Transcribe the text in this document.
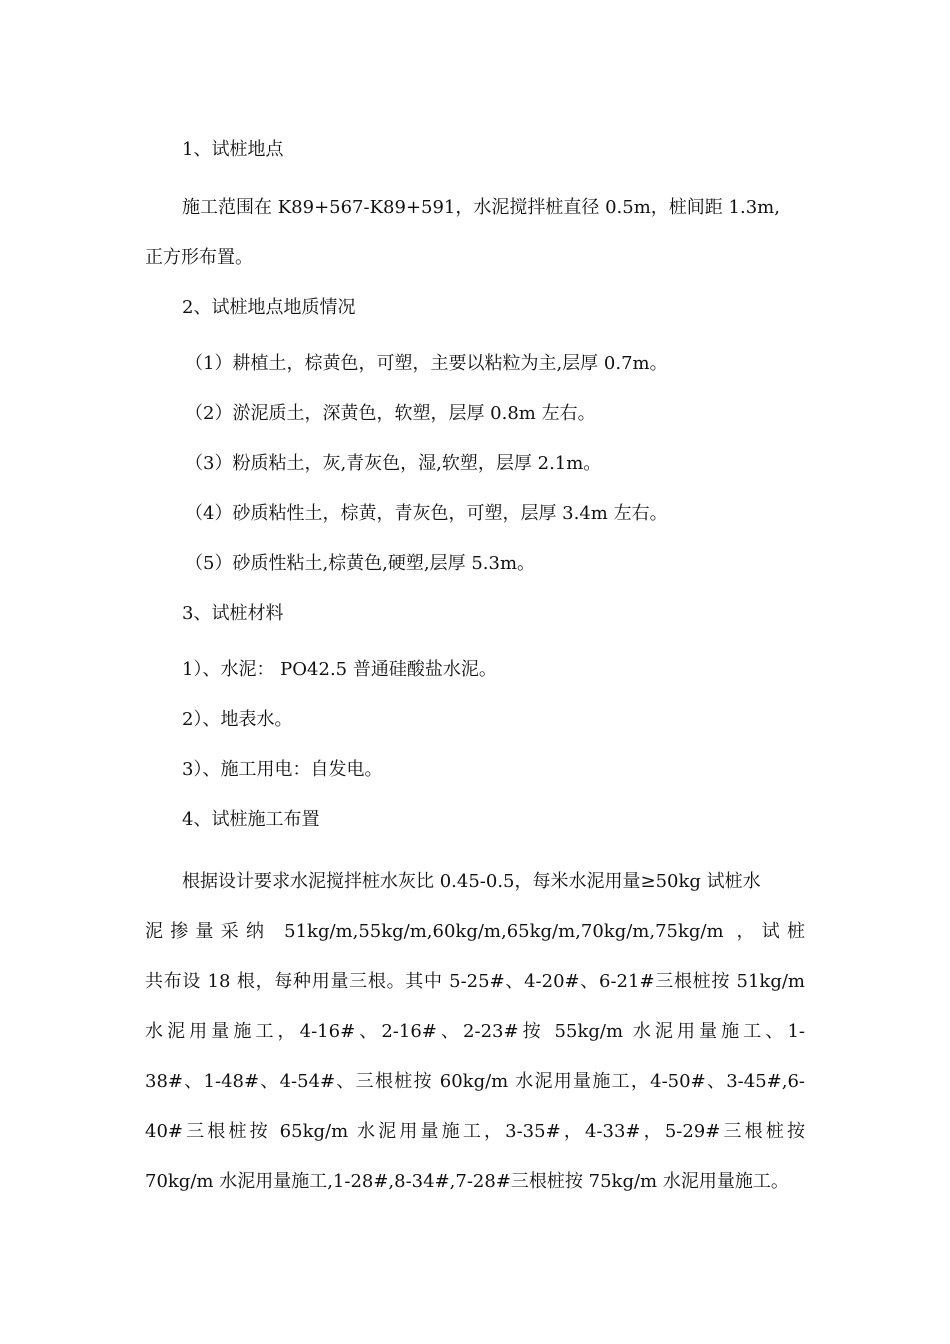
1、试桩地点
施工范围在 K89+567-K89+591，水泥搅拌桩直径 0.5m，桩间距 1.3m,
正方形布置。
2、试桩地点地质情况
（1）耕植土，棕黄色，可塑，主要以粘粒为主,层厚 0.7m。
（2）淤泥质土，深黄色，软塑，层厚 0.8m 左右。
（3）粉质粘土，灰,青灰色，湿,软塑，层厚 2.1m。
（4）砂质粘性土，棕黄，青灰色，可塑，层厚 3.4m 左右。
（5）砂质性粘土,棕黄色,硬塑,层厚 5.3m。
3、试桩材料
1）、水泥： PO42.5 普通硅酸盐水泥。
2）、地表水。
3）、施工用电：自发电。
4、试桩施工布置
根据设计要求水泥搅拌桩水灰比 0.45-0.5，每米水泥用量≥50kg 试桩水
泥掺量采纳 51kg/m,55kg/m,60kg/m,65kg/m,70kg/m,75kg/m ，试桩
共布设 18 根，每种用量三根。其中 5-25#、4-20#、6-21#三根桩按 51kg/m
水泥用量施工，4-16#、2-16#、2-23#按 55kg/m 水泥用量施工、1-
38#、1-48#、4-54#、三根桩按 60kg/m 水泥用量施工，4-50#、3-45#,6-
40#三根桩按 65kg/m 水泥用量施工，3-35#，4-33#，5-29#三根桩按
70kg/m 水泥用量施工,1-28#,8-34#,7-28#三根桩按 75kg/m 水泥用量施工。
